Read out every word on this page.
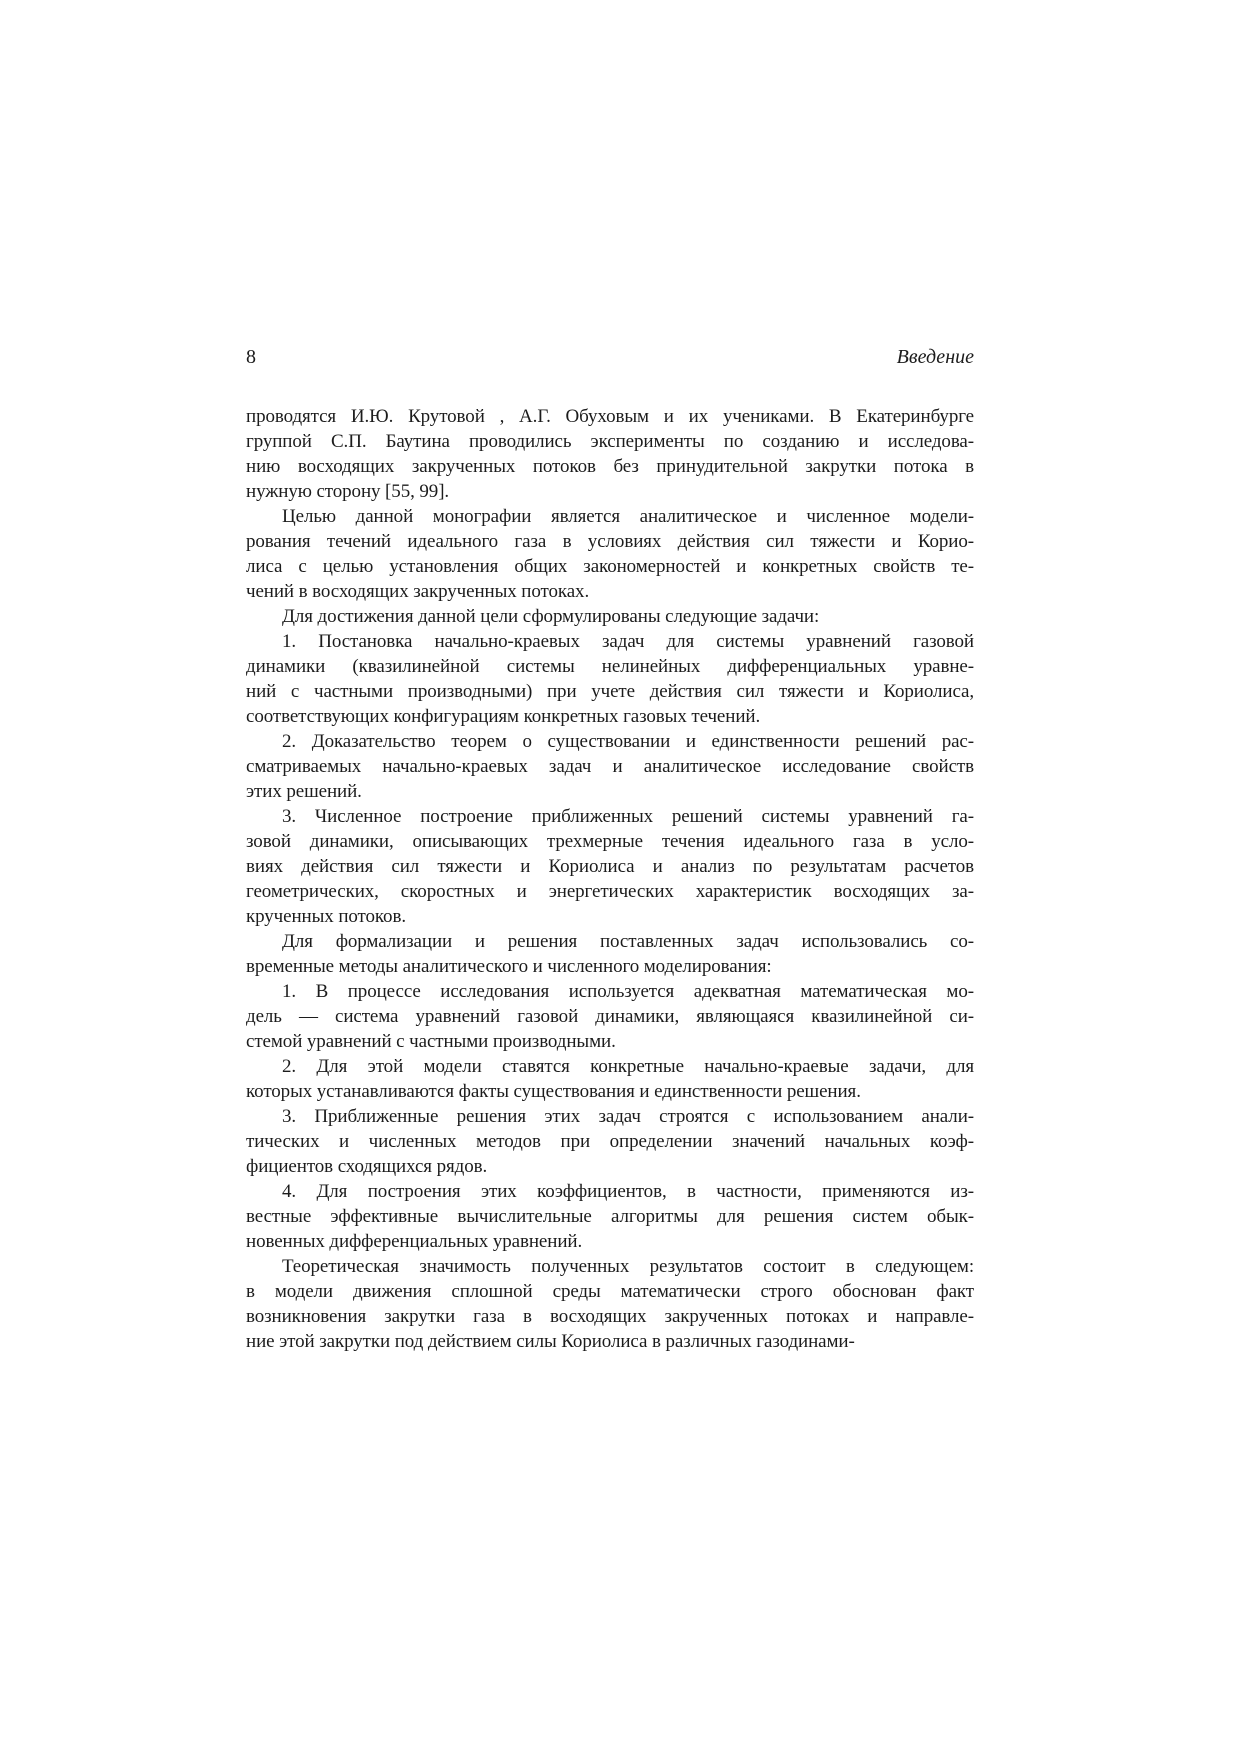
8	Введение
проводятся И.Ю. Крутовой , А.Г. Обуховым и их учениками. В Екатеринбурге
группой С.П. Баутина проводились эксперименты по созданию и исследова-
нию восходящих закрученных потоков без принудительной закрутки потока в
нужную сторону [55, 99].
Целью данной монографии является аналитическое и численное модели-
рования течений идеального газа в условиях действия сил тяжести и Корио-
лиса с целью установления общих закономерностей и конкретных свойств те-
чений в восходящих закрученных потоках.
Для достижения данной цели сформулированы следующие задачи:
1. Постановка начально-краевых задач для системы уравнений газовой
динамики (квазилинейной системы нелинейных дифференциальных уравне-
ний с частными производными) при учете действия сил тяжести и Кориолиса,
соответствующих конфигурациям конкретных газовых течений.
2. Доказательство теорем о существовании и единственности решений рас-
сматриваемых начально-краевых задач и аналитическое исследование свойств
этих решений.
3. Численное построение приближенных решений системы уравнений га-
зовой динамики, описывающих трехмерные течения идеального газа в усло-
виях действия сил тяжести и Кориолиса и анализ по результатам расчетов
геометрических, скоростных и энергетических характеристик восходящих за-
крученных потоков.
Для формализации и решения поставленных задач использовались со-
временные методы аналитического и численного моделирования:
1. В процессе исследования используется адекватная математическая мо-
дель — система уравнений газовой динамики, являющаяся квазилинейной си-
стемой уравнений с частными производными.
2. Для этой модели ставятся конкретные начально-краевые задачи, для
которых устанавливаются факты существования и единственности решения.
3. Приближенные решения этих задач строятся с использованием анали-
тических и численных методов при определении значений начальных коэф-
фициентов сходящихся рядов.
4. Для построения этих коэффициентов, в частности, применяются из-
вестные эффективные вычислительные алгоритмы для решения систем обык-
новенных дифференциальных уравнений.
Теоретическая значимость полученных результатов состоит в следующем:
в модели движения сплошной среды математически строго обоснован факт
возникновения закрутки газа в восходящих закрученных потоках и направле-
ние этой закрутки под действием силы Кориолиса в различных газодинами-
